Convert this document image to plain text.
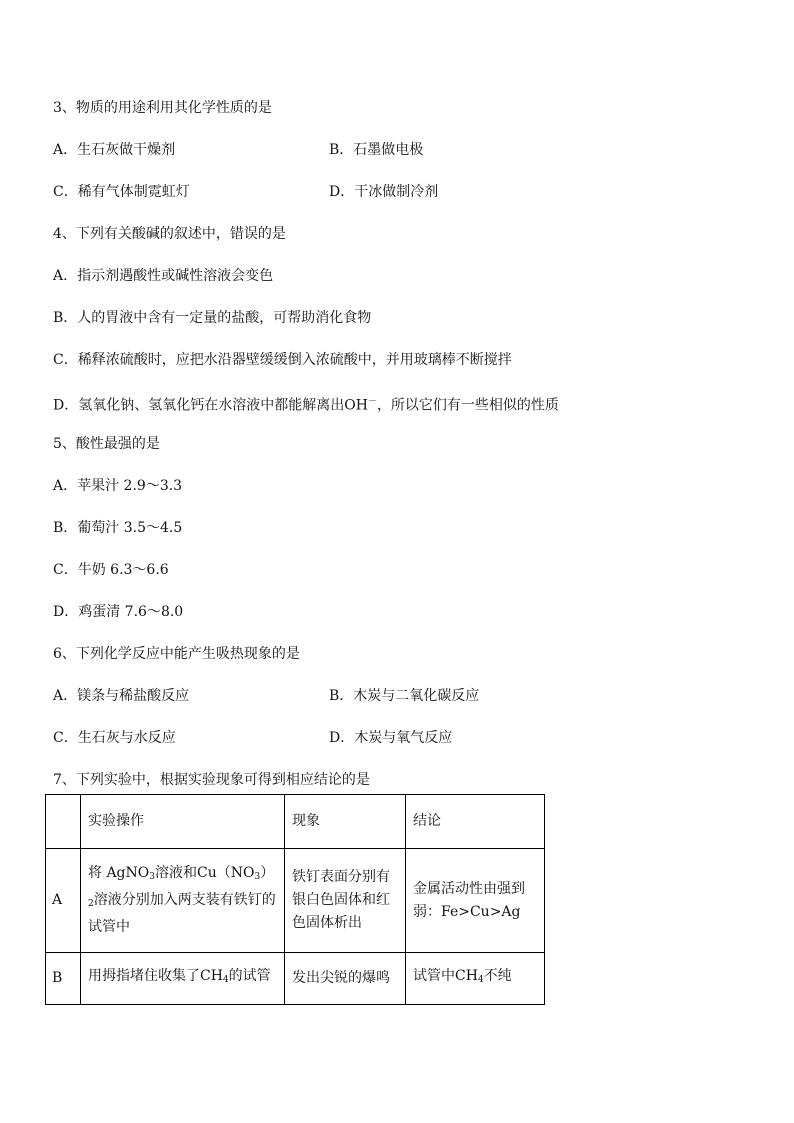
3、物质的用途利用其化学性质的是
A．生石灰做干燥剂	B．石墨做电极
C．稀有气体制霓虹灯	D．干冰做制冷剂
4、下列有关酸碱的叙述中，错误的是
A．指示剂遇酸性或碱性溶液会变色
B．人的胃液中含有一定量的盐酸，可帮助消化食物
C．稀释浓硫酸时，应把水沿器壁缓缓倒入浓硫酸中，并用玻璃棒不断搅拌
D．氢氧化钠、氢氧化钙在水溶液中都能解离出OH－，所以它们有一些相似的性质
5、酸性最强的是
A．苹果汁 2.9～3.3
B．葡萄汁 3.5～4.5
C．牛奶 6.3～6.6
D．鸡蛋清 7.6～8.0
6、下列化学反应中能产生吸热现象的是
A．镁条与稀盐酸反应	B．木炭与二氧化碳反应
C．生石灰与水反应	D．木炭与氧气反应
7、下列实验中，根据实验现象可得到相应结论的是
	实验操作	现象	结论
A	将 AgNO$_3$溶液和$Cu(NO_3)_2$溶液分别加入两支装有铁钉的试管中	铁钉表面分别有银白色固体和红色固体析出	金属活动性由强到弱：Fe>Cu>Ag
B	用拇指堵住收集了$CH_4$的试管	发出尖锐的爆鸣	试管中$CH_4$不纯
